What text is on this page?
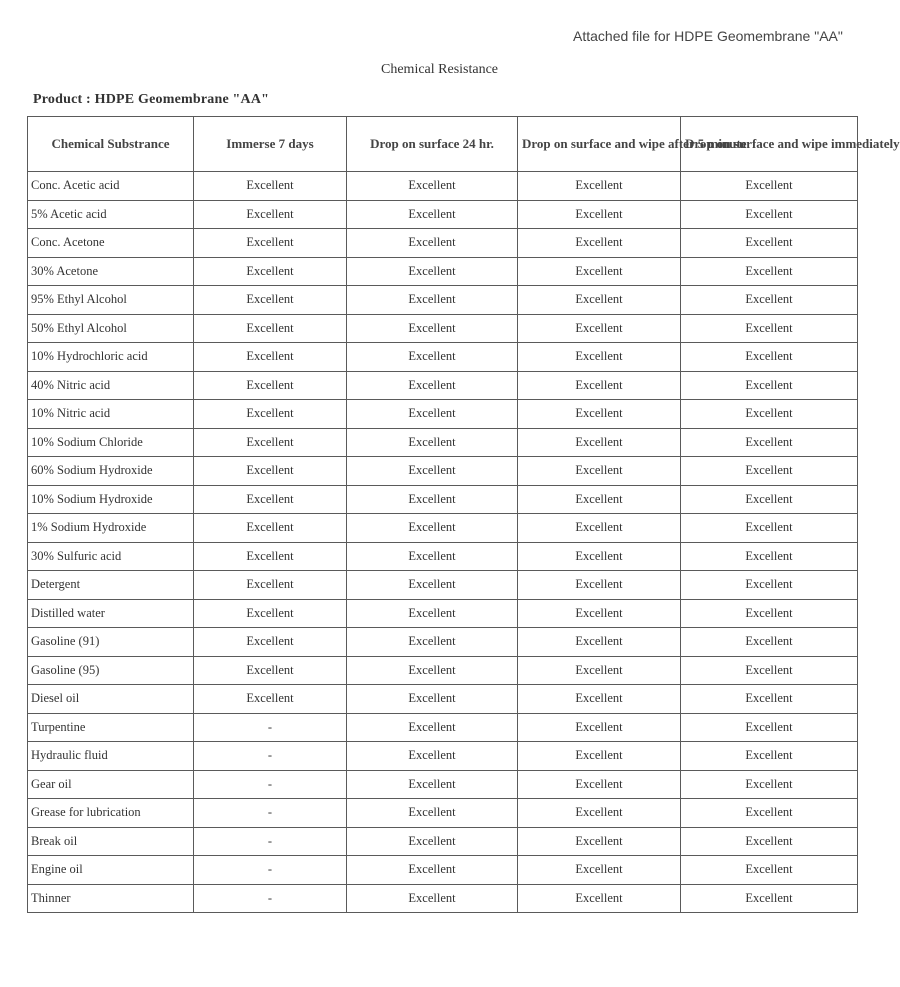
Attached file for HDPE Geomembrane "AA"
Chemical Resistance
Product : HDPE Geomembrane "AA"
Chemical Substrance	Immerse 7 days	Drop on surface 24 hr.	Drop on surface and wipe after 5 minute	Drop on surface and wipe immediately
Conc. Acetic acid	Excellent	Excellent	Excellent	Excellent
5% Acetic acid	Excellent	Excellent	Excellent	Excellent
Conc. Acetone	Excellent	Excellent	Excellent	Excellent
30% Acetone	Excellent	Excellent	Excellent	Excellent
95% Ethyl Alcohol	Excellent	Excellent	Excellent	Excellent
50% Ethyl Alcohol	Excellent	Excellent	Excellent	Excellent
10% Hydrochloric acid	Excellent	Excellent	Excellent	Excellent
40% Nitric acid	Excellent	Excellent	Excellent	Excellent
10% Nitric acid	Excellent	Excellent	Excellent	Excellent
10% Sodium Chloride	Excellent	Excellent	Excellent	Excellent
60% Sodium Hydroxide	Excellent	Excellent	Excellent	Excellent
10% Sodium Hydroxide	Excellent	Excellent	Excellent	Excellent
1% Sodium Hydroxide	Excellent	Excellent	Excellent	Excellent
30% Sulfuric acid	Excellent	Excellent	Excellent	Excellent
Detergent	Excellent	Excellent	Excellent	Excellent
Distilled water	Excellent	Excellent	Excellent	Excellent
Gasoline (91)	Excellent	Excellent	Excellent	Excellent
Gasoline (95)	Excellent	Excellent	Excellent	Excellent
Diesel oil	Excellent	Excellent	Excellent	Excellent
Turpentine	-	Excellent	Excellent	Excellent
Hydraulic fluid	-	Excellent	Excellent	Excellent
Gear oil	-	Excellent	Excellent	Excellent
Grease for lubrication	-	Excellent	Excellent	Excellent
Break oil	-	Excellent	Excellent	Excellent
Engine oil	-	Excellent	Excellent	Excellent
Thinner	-	Excellent	Excellent	Excellent
